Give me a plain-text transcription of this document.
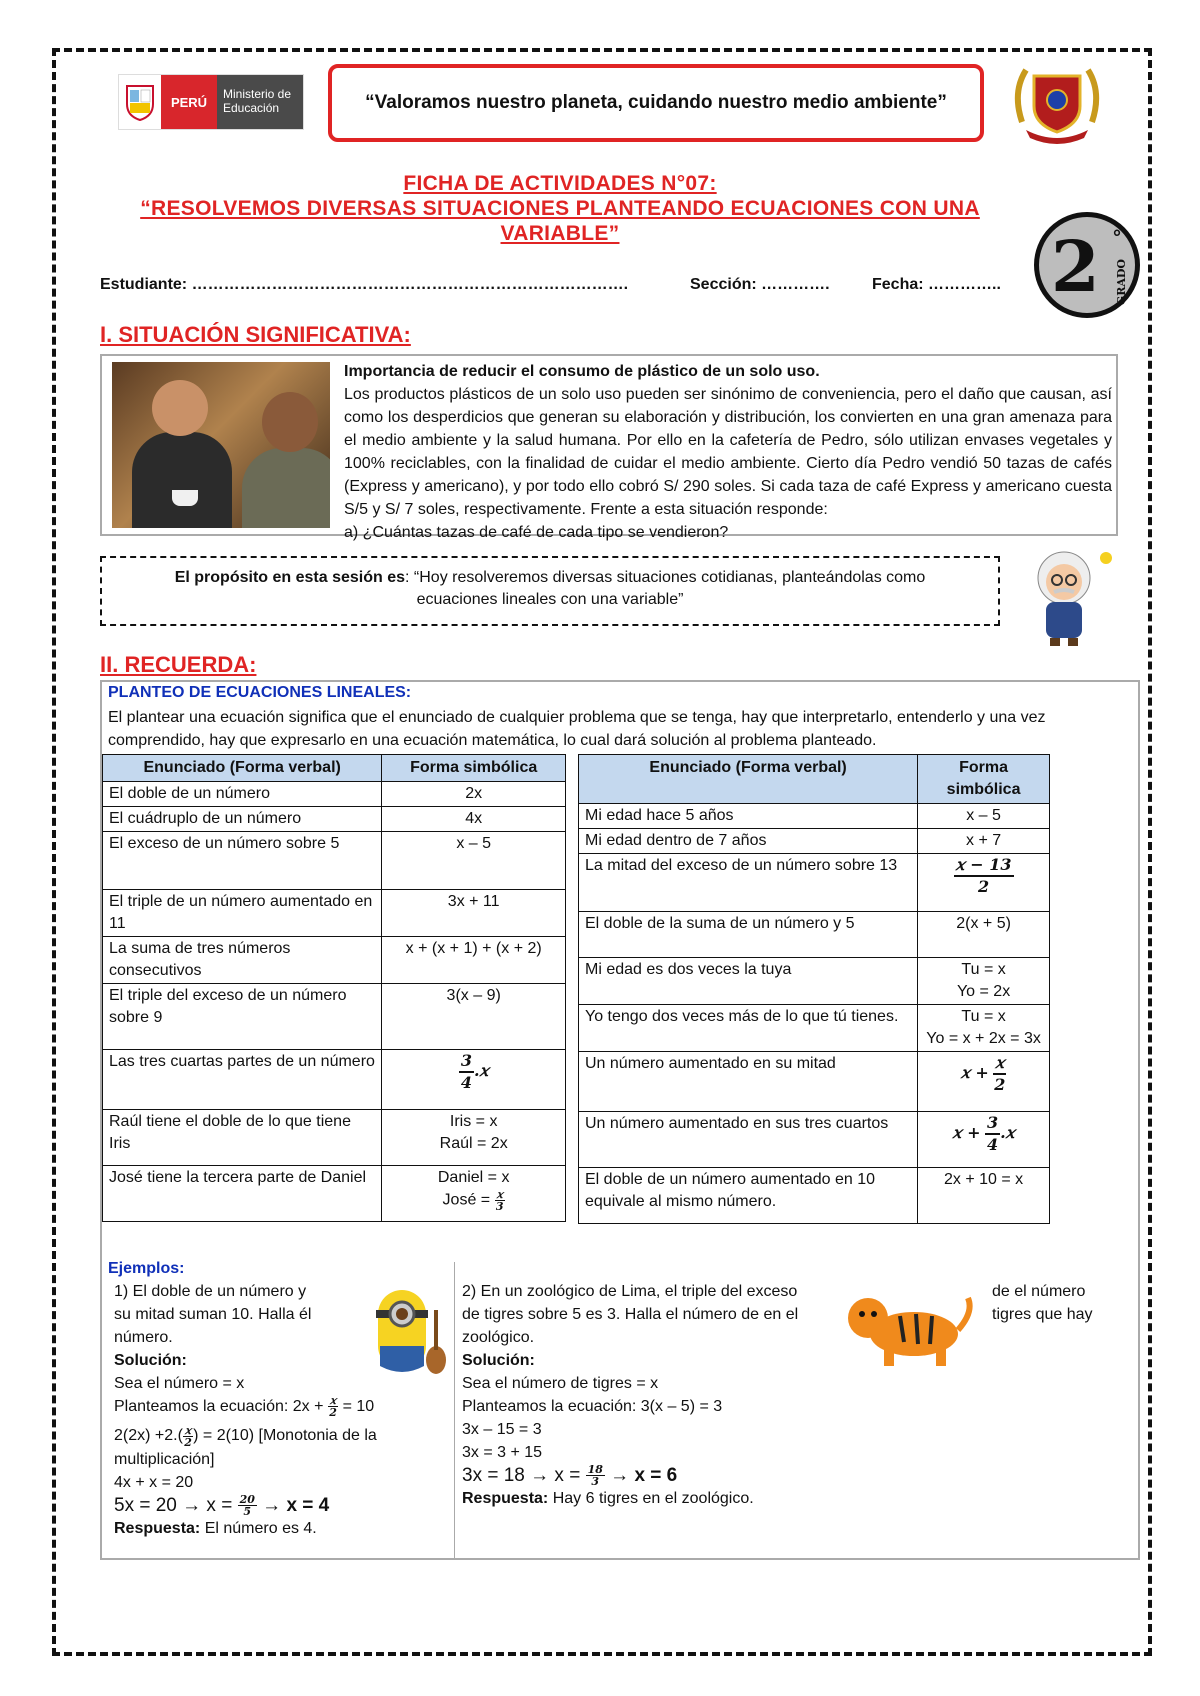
PERÚ
Ministerio de Educación	“Valoramos nuestro planeta, cuidando nuestro medio ambiente”
FICHA DE ACTIVIDADES N°07:
“RESOLVEMOS DIVERSAS SITUACIONES PLANTEANDO ECUACIONES CON UNA
VARIABLE”	2 °
GRADO
Estudiante: ……………………………………………………………………….	Sección: ………….	Fecha: …………..
I. SITUACIÓN SIGNIFICATIVA:
Importancia de reducir el consumo de plástico de un solo uso.
Los productos plásticos de un solo uso pueden ser sinónimo de conveniencia, pero el daño que causan, así como los desperdicios que generan su elaboración y distribución, los convierten en una gran amenaza para el medio ambiente y la salud humana. Por ello en la cafetería de Pedro, sólo utilizan envases vegetales y 100% reciclables, con la finalidad de cuidar el medio ambiente. Cierto día Pedro vendió 50 tazas de cafés (Express y americano), y por todo ello cobró S/ 290 soles. Si cada taza de café Express y americano cuesta S/5 y S/ 7 soles, respectivamente. Frente a esta situación responde:
a) ¿Cuántas tazas de café de cada tipo se vendieron?
El propósito en esta sesión es: “Hoy resolveremos diversas situaciones cotidianas, planteándolas como ecuaciones lineales con una variable”
II. RECUERDA:
PLANTEO DE ECUACIONES LINEALES:
El plantear una ecuación significa que el enunciado de cualquier problema que se tenga, hay que interpretarlo, entenderlo y una vez comprendido, hay que expresarlo en una ecuación matemática, lo cual dará solución al problema planteado.
Enunciado (Forma verbal)	Forma simbólica
El doble de un número	2x
El cuádruplo de un número	4x
El exceso de un número sobre 5	x – 5
El triple de un número aumentado en 11	3x + 11
La suma de tres números consecutivos	x + (x + 1) + (x + 2)
El triple del exceso de un número sobre 9	3(x – 9)
Las tres cuartas partes de un número	$\frac{3}{4}$ .𝑥
Raúl tiene el doble de lo que tiene Iris	Iris = x
Raúl = 2x

José tiene la tercera parte de Daniel	Daniel = x
José = $\frac{\text{𝑥}}{3}$
Enunciado (Forma verbal)	Forma simbólica
Mi edad hace 5 años	x – 5
Mi edad dentro de 7 años	x + 7
La mitad del exceso de un número sobre 13	$\frac{\text{𝑥 − 13}}{2}$

El doble de la suma de un número y 5	2(x + 5)
Mi edad es dos veces la tuya	Tu = x
Yo = 2x

Yo tengo dos veces más de lo que tú tienes.	Tu = x
Yo = x + 2x = 3x

Un número aumentado en su mitad	𝑥 + $\frac{\text{𝑥}}{2}$

Un número aumentado en sus tres cuartos	𝑥 + $\frac{3}{4}$ .𝑥
El doble de un número aumentado en 10 equivale al mismo número.	2x + 10 = x
Ejemplos:
1) El doble de un número y su mitad suman 10. Halla él número.
Solución:
Sea el número = x
Planteamos la ecuación: $2x + \frac{\text{𝑥}}{2} = 10$
$2(2x) +2.( \frac{\text{𝑥}}{2}$ ) = 2(10) [Monotonia de la multiplicación]
4x + x = 20
$5x = 20 \to x = \frac{20}{5} \to x = 4$
Respuesta: El número es 4.
2) En un zoológico de Lima, el triple del exceso de tigres sobre 5 es 3. Halla el número de en el zoológico.
Solución:
Sea el número de tigres = x
Planteamos la ecuación: 3(x – 5) = 3
3x – 15 = 3
3x = 3 + 15
$3x = 18 \to x = \frac{18}{3} \to x = 6$
Respuesta: Hay 6 tigres en el zoológico.
de el número tigres que hay
